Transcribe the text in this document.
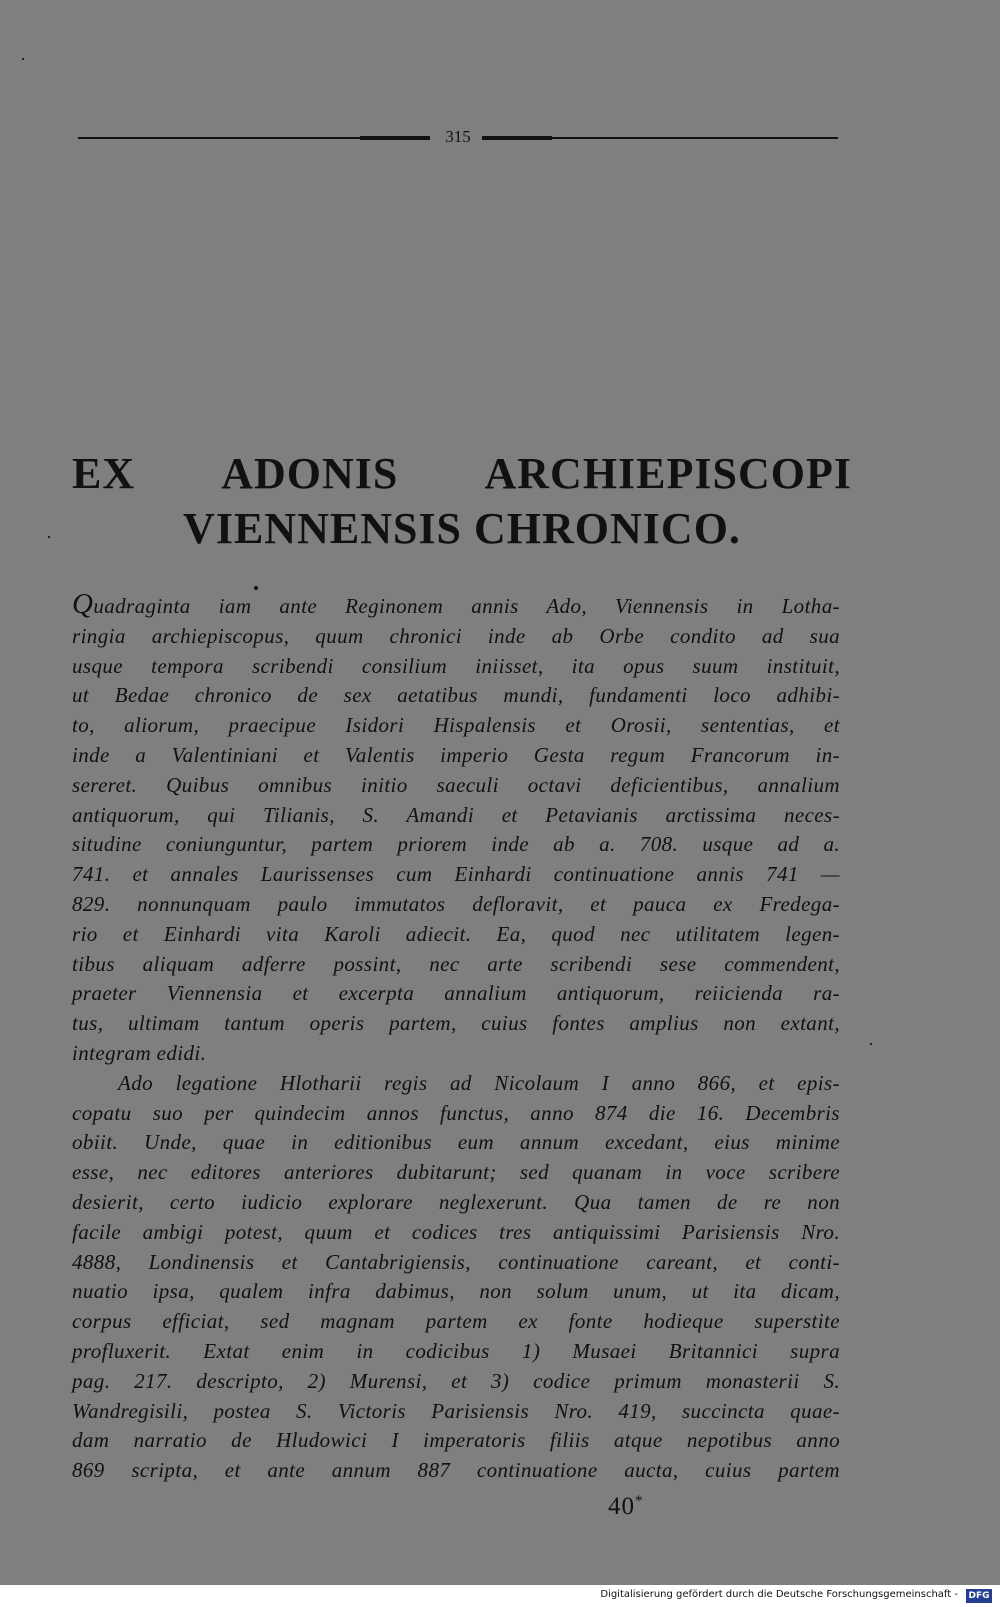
315
EX ADONIS ARCHIEPISCOPI
VIENNENSIS CHRONICO.

Quadraginta iam ante Reginonem annis Ado, Viennensis in Lotha-
ringia archiepiscopus, quum chronici inde ab Orbe condito ad sua
usque tempora scribendi consilium iniisset, ita opus suum instituit,
ut Bedae chronico de sex aetatibus mundi, fundamenti loco adhibi-
to, aliorum, praecipue Isidori Hispalensis et Orosii, sententias, et
inde a Valentiniani et Valentis imperio Gesta regum Francorum in-
sereret. Quibus omnibus initio saeculi octavi deficientibus, annalium
antiquorum, qui Tilianis, S. Amandi et Petavianis arctissima neces-
situdine coniunguntur, partem priorem inde ab a. 708. usque ad a.
741. et annales Laurissenses cum Einhardi continuatione annis 741 —
829. nonnunquam paulo immutatos defloravit, et pauca ex Fredega-
rio et Einhardi vita Karoli adiecit. Ea, quod nec utilitatem legen-
tibus aliquam adferre possint, nec arte scribendi sese commendent,
praeter Viennensia et excerpta annalium antiquorum, reiicienda ra-
tus, ultimam tantum operis partem, cuius fontes amplius non extant,
integram edidi.

Ado legatione Hlotharii regis ad Nicolaum I anno 866, et epis-
copatu suo per quindecim annos functus, anno 874 die 16. Decembris
obiit. Unde, quae in editionibus eum annum excedant, eius minime
esse, nec editores anteriores dubitarunt; sed quanam in voce scribere
desierit, certo iudicio explorare neglexerunt. Qua tamen de re non
facile ambigi potest, quum et codices tres antiquissimi Parisiensis Nro.
4888, Londinensis et Cantabrigiensis, continuatione careant, et conti-
nuatio ipsa, qualem infra dabimus, non solum unum, ut ita dicam,
corpus efficiat, sed magnam partem ex fonte hodieque superstite
profluxerit. Extat enim in codicibus 1) Musaei Britannici supra
pag. 217. descripto, 2) Murensi, et 3) codice primum monasterii S.
Wandregisili, postea S. Victoris Parisiensis Nro. 419, succincta quae-
dam narratio de Hludowici I imperatoris filiis atque nepotibus anno
869 scripta, et ante annum 887 continuatione aucta, cuius partem

40*
Digitalisierung gefördert durch die Deutsche Forschungsgemeinschaft - DFG
